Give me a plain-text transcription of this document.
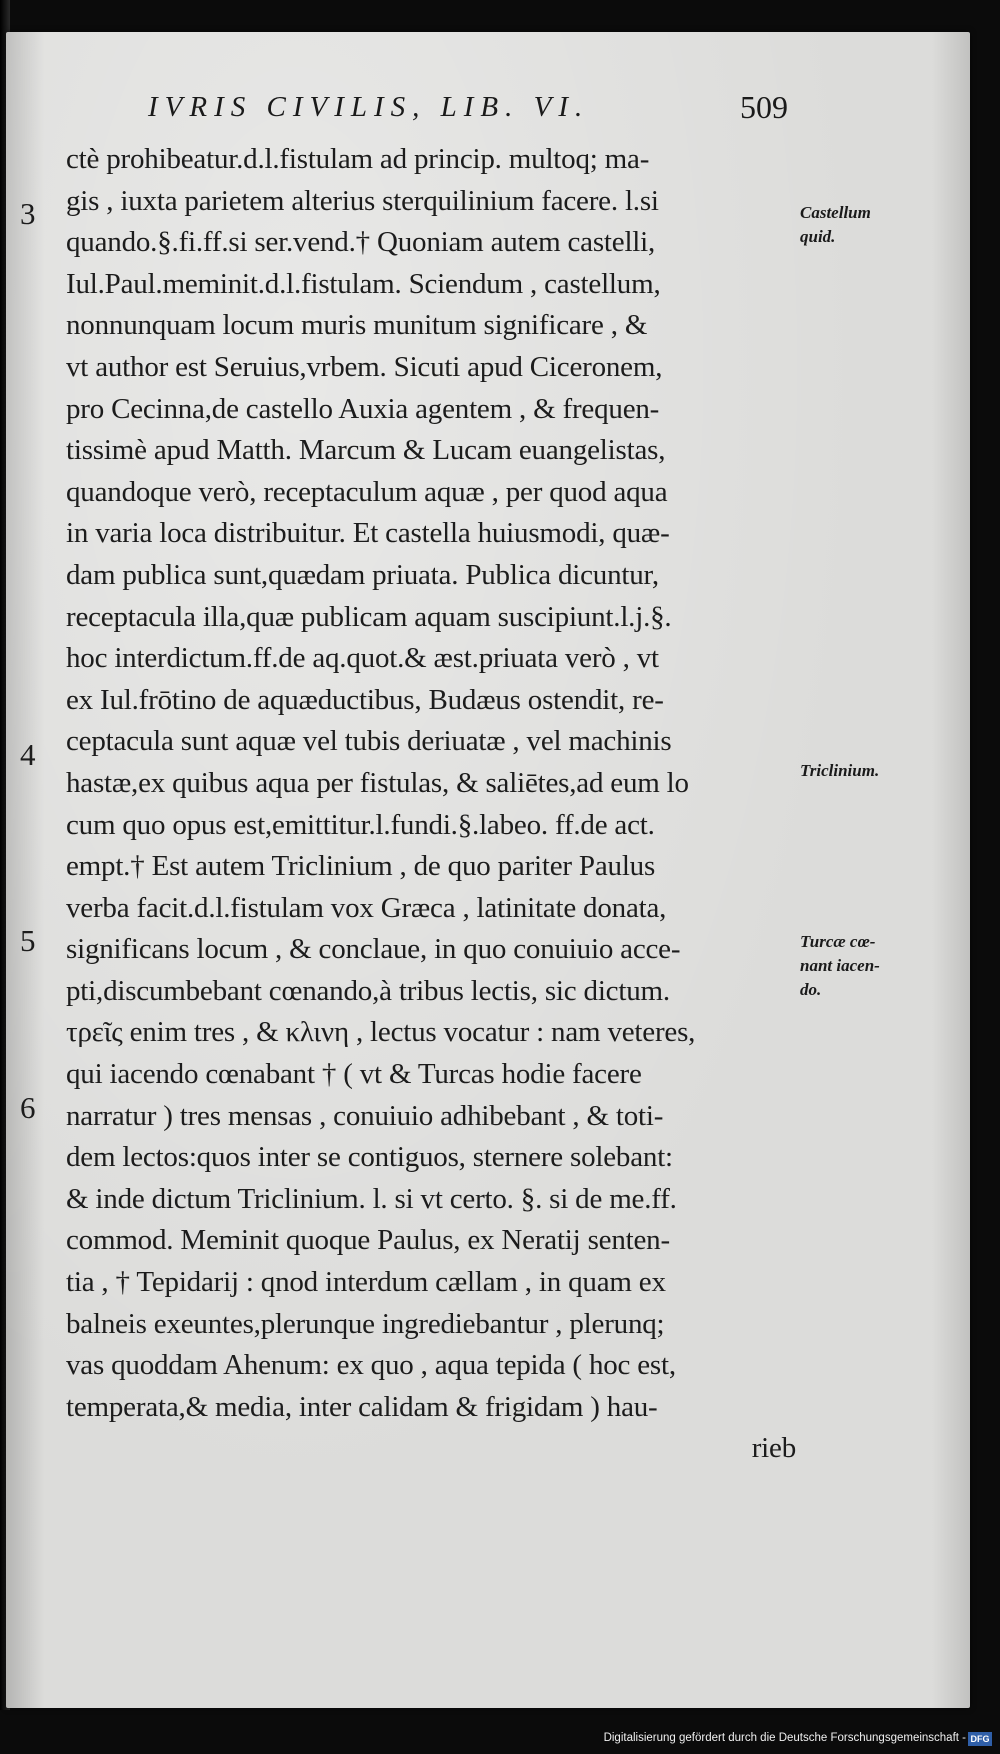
IVRIS CIVILIS, LIB. VI.	509
3
4
5
6
Castellum
quid.
Triclinium.
Turcæ cœ-
nant iacen-
do.
ctè prohibeatur.d.l.fistulam ad princip. multoq; ma-
gis , iuxta parietem alterius sterquilinium facere. l.si
quando.§.fi.ff.si ser.vend.† Quoniam autem castelli,
Iul.Paul.meminit.d.l.fistulam. Sciendum , castellum,
nonnunquam locum muris munitum significare , &
vt author est Seruius,vrbem. Sicuti apud Ciceronem,
pro Cecinna,de castello Auxia agentem , & frequen-
tissimè apud Matth. Marcum & Lucam euangelistas,
quandoque verò, receptaculum aquæ , per quod aqua
in varia loca distribuitur. Et castella huiusmodi, quæ-
dam publica sunt,quædam priuata. Publica dicuntur,
receptacula illa,quæ publicam aquam suscipiunt.l.j.§.
hoc interdictum.ff.de aq.quot.& æst.priuata verò , vt
ex Iul.frōtino de aquæductibus, Budæus ostendit, re-
ceptacula sunt aquæ vel tubis deriuatæ , vel machinis
hastæ,ex quibus aqua per fistulas, & saliētes,ad eum lo
cum quo opus est,emittitur.l.fundi.§.labeo. ff.de act.
empt.† Est autem Triclinium , de quo pariter Paulus
verba facit.d.l.fistulam vox Græca , latinitate donata,
significans locum , & conclaue, in quo conuiuio acce-
pti,discumbebant cœnando,à tribus lectis, sic dictum.
τρεῖς enim tres , & κλινη , lectus vocatur : nam veteres,
qui iacendo cœnabant † ( vt & Turcas hodie facere
narratur ) tres mensas , conuiuio adhibebant , & toti-
dem lectos:quos inter se contiguos, sternere solebant:
& inde dictum Triclinium. l. si vt certo. §. si de me.ff.
commod. Meminit quoque Paulus, ex Neratij senten-
tia , † Tepidarij : qnod interdum cællam , in quam ex
balneis exeuntes,plerunque ingrediebantur , plerunq;
vas quoddam Ahenum: ex quo , aqua tepida ( hoc est,
temperata,& media, inter calidam & frigidam ) hau-
rieb
Digitalisierung gefördert durch die Deutsche Forschungsgemeinschaft - DFG
